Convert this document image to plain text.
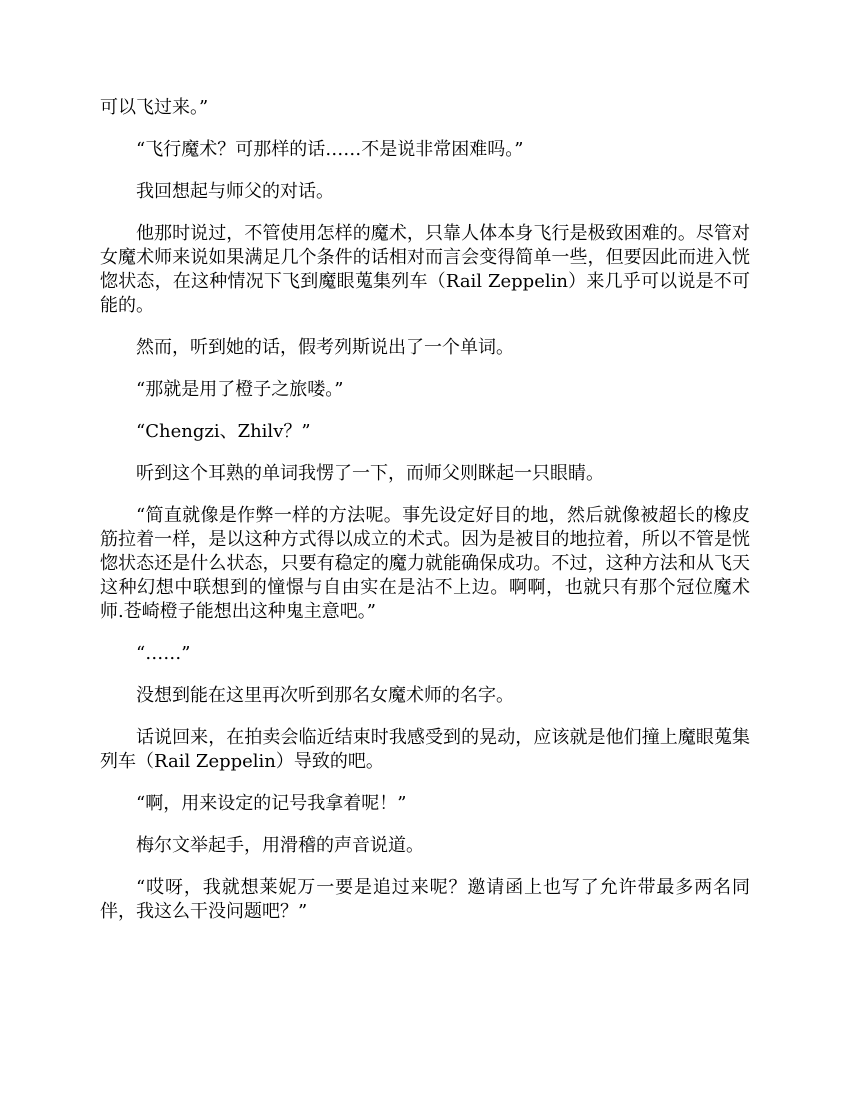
可以飞过来。”

“飞行魔术？可那样的话……不是说非常困难吗。”

我回想起与师父的对话。

他那时说过，不管使用怎样的魔术，只靠人体本身飞行是极致困难的。尽管对女魔术师来说如果满足几个条件的话相对而言会变得简单一些，但要因此而进入恍惚状态，在这种情况下飞到魔眼蒐集列车（Rail Zeppelin）来几乎可以说是不可能的。

然而，听到她的话，假考列斯说出了一个单词。

“那就是用了橙子之旅喽。”

“Chengzi、Zhilv？”

听到这个耳熟的单词我愣了一下，而师父则眯起一只眼睛。

“简直就像是作弊一样的方法呢。事先设定好目的地，然后就像被超长的橡皮筋拉着一样，是以这种方式得以成立的术式。因为是被目的地拉着，所以不管是恍惚状态还是什么状态，只要有稳定的魔力就能确保成功。不过，这种方法和从飞天这种幻想中联想到的憧憬与自由实在是沾不上边。啊啊，也就只有那个冠位魔术师.苍崎橙子能想出这种鬼主意吧。”

“……”

没想到能在这里再次听到那名女魔术师的名字。

话说回来，在拍卖会临近结束时我感受到的晃动，应该就是他们撞上魔眼蒐集列车（Rail Zeppelin）导致的吧。

“啊，用来设定的记号我拿着呢！”

梅尔文举起手，用滑稽的声音说道。

“哎呀，我就想莱妮万一要是追过来呢？邀请函上也写了允许带最多两名同伴，我这么干没问题吧？”
